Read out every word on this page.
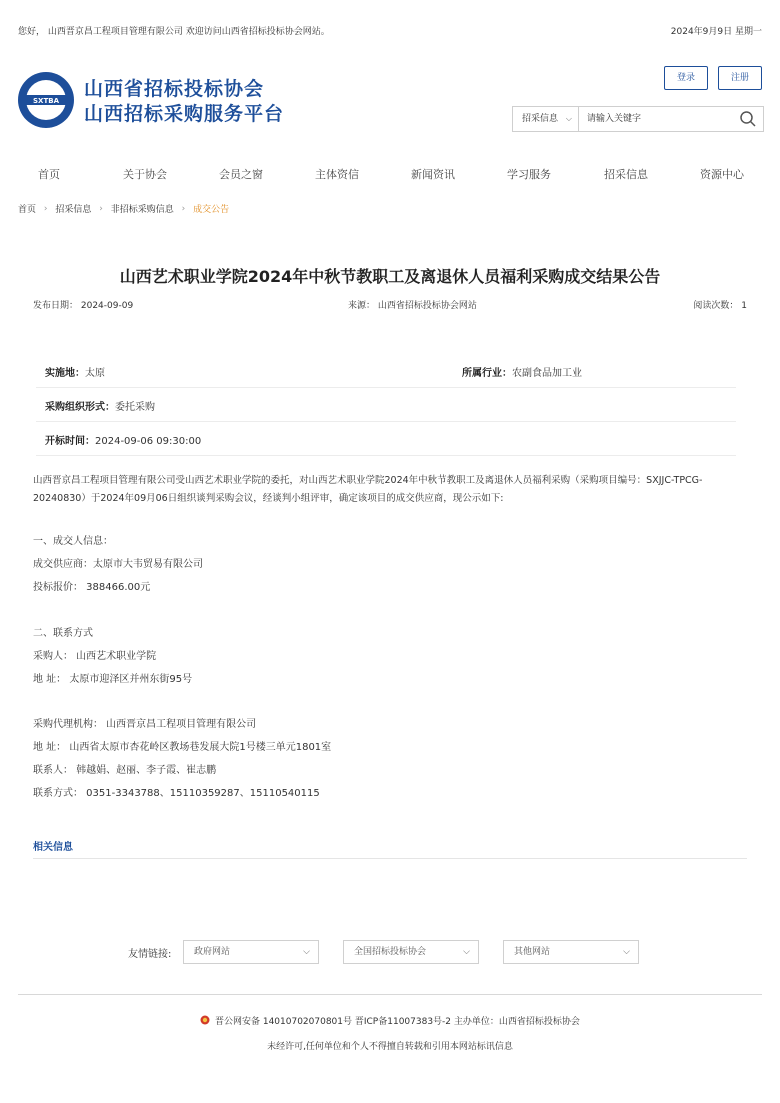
您好， 山西晋京昌工程项目管理有限公司 欢迎访问山西省招标投标协会网站。	2024年9月9日 星期一
SXTBA
山西省招标投标协会
山西招标采购服务平台
登录	注册
招采信息 ⌵
请输入关键字
首页	关于协会	会员之窗	主体资信	新闻资讯	学习服务	招采信息	资源中心
首页 › 招采信息 › 非招标采购信息 › 成交公告
山西艺术职业学院2024年中秋节教职工及离退休人员福利采购成交结果公告
发布日期： 2024-09-09	来源： 山西省招标投标协会网站	阅读次数： 1
实施地：太原	所属行业：农副食品加工业
采购组织形式：委托采购
开标时间：2024-09-06 09:30:00
山西晋京昌工程项目管理有限公司受山西艺术职业学院的委托，对山西艺术职业学院2024年中秋节教职工及离退休人员福利采购（采购项目编号：SXJJC-TPCG-20240830）于2024年09月06日组织谈判采购会议，经谈判小组评审，确定该项目的成交供应商，现公示如下:
一、成交人信息：
成交供应商：太原市大韦贸易有限公司
投标报价： 388466.00元
二、联系方式
采购人： 山西艺术职业学院
地 址： 太原市迎泽区并州东街95号
采购代理机构： 山西晋京昌工程项目管理有限公司
地 址： 山西省太原市杏花岭区教场巷发展大院1号楼三单元1801室
联系人： 韩越娟、赵丽、李子霞、崔志鹏
联系方式： 0351-3343788、15110359287、15110540115
相关信息
友情链接:	政府网站	⌵	全国招标投标协会	⌵	其他网站	⌵
晋公网安备 14010702070801号 晋ICP备11007383号-2 主办单位：山西省招标投标协会
未经许可,任何单位和个人不得擅自转载和引用本网站标讯信息
